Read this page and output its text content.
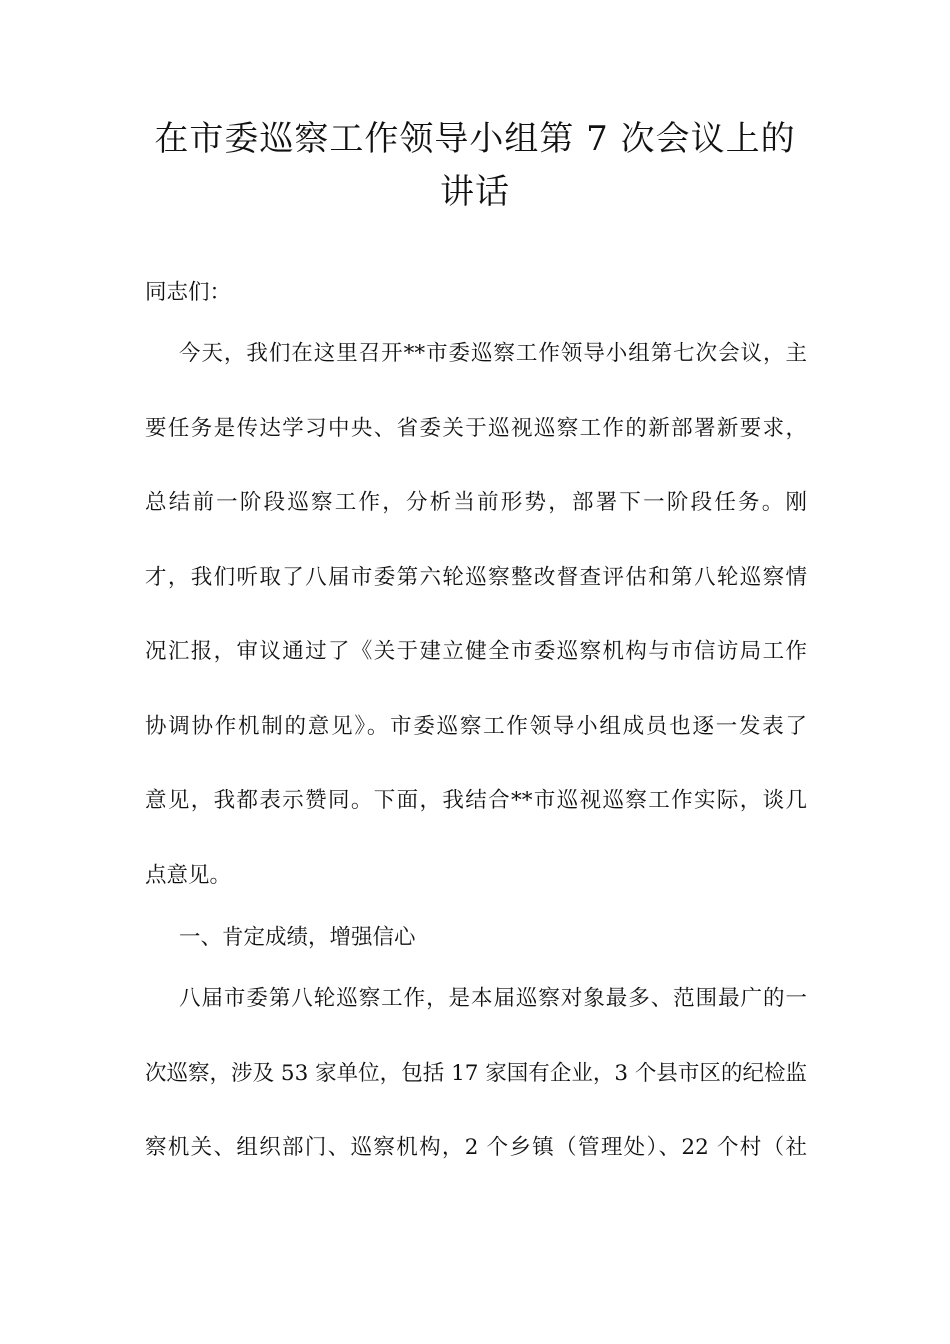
在市委巡察工作领导小组第 7 次会议上的
讲话
同志们：
今天，我们在这里召开**市委巡察工作领导小组第七次会议，主
要任务是传达学习中央、省委关于巡视巡察工作的新部署新要求，
总结前一阶段巡察工作，分析当前形势，部署下一阶段任务。刚
才，我们听取了八届市委第六轮巡察整改督查评估和第八轮巡察情
况汇报，审议通过了《关于建立健全市委巡察机构与市信访局工作
协调协作机制的意见》。市委巡察工作领导小组成员也逐一发表了
意见，我都表示赞同。下面，我结合**市巡视巡察工作实际，谈几
点意见。
一、肯定成绩，增强信心
八届市委第八轮巡察工作，是本届巡察对象最多、范围最广的一
次巡察，涉及 53 家单位，包括 17 家国有企业，3 个县市区的纪检监
察机关、组织部门、巡察机构，2 个乡镇（管理处）、22 个村（社
